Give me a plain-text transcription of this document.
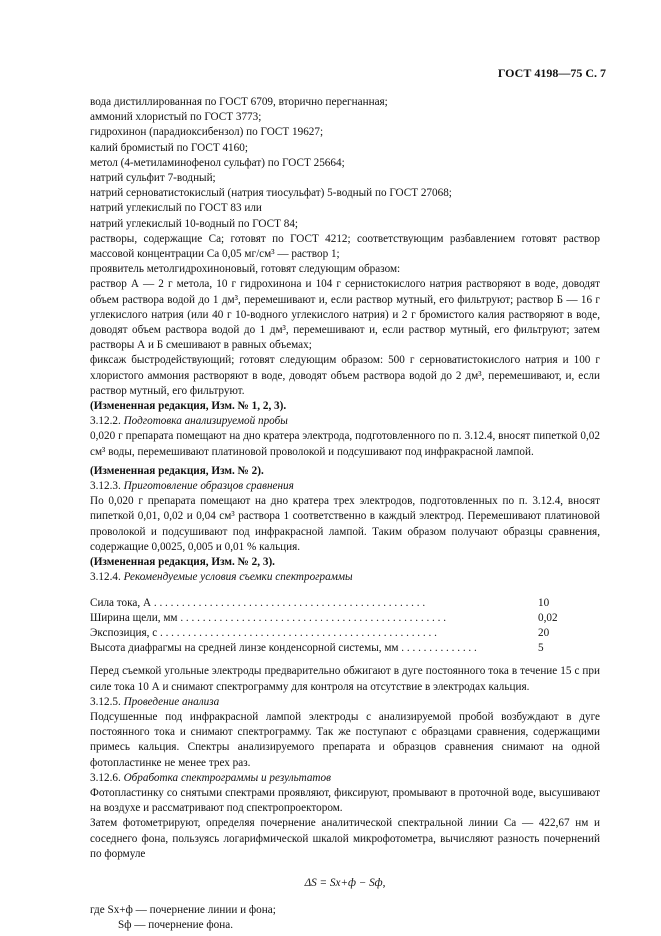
ГОСТ 4198—75 С. 7

вода дистиллированная по ГОСТ 6709, вторично перегнанная;

аммоний хлористый по ГОСТ 3773;

гидрохинон (парадиоксибензол) по ГОСТ 19627;

калий бромистый по ГОСТ 4160;

метол (4-метиламинофенол сульфат) по ГОСТ 25664;

натрий сульфит 7-водный;

натрий серноватистокислый (натрия тиосульфат) 5-водный по ГОСТ 27068;

натрий углекислый по ГОСТ 83 или

натрий углекислый 10-водный по ГОСТ 84;

растворы, содержащие Са; готовят по ГОСТ 4212; соответствующим разбавлением готовят раствор массовой концентрации Са 0,05 мг/см³ — раствор 1;

проявитель метолгидрохиноновый, готовят следующим образом:

раствор А — 2 г метола, 10 г гидрохинона и 104 г сернистокислого натрия растворяют в воде, доводят объем раствора водой до 1 дм³, перемешивают и, если раствор мутный, его фильтруют; раствор Б — 16 г углекислого натрия (или 40 г 10-водного углекислого натрия) и 2 г бромистого калия растворяют в воде, доводят объем раствора водой до 1 дм³, перемешивают и, если раствор мутный, его фильтруют; затем растворы А и Б смешивают в равных объемах;

фиксаж быстродействующий; готовят следующим образом: 500 г серноватистокислого натрия и 100 г хлористого аммония растворяют в воде, доводят объем раствора водой до 2 дм³, перемешивают, и, если раствор мутный, его фильтруют.

(Измененная редакция, Изм. № 1, 2, 3).

3.12.2. Подготовка анализируемой пробы

0,020 г препарата помещают на дно кратера электрода, подготовленного по п. 3.12.4, вносят пипеткой 0,02 см³ воды, перемешивают платиновой проволокой и подсушивают под инфракрасной лампой.

(Измененная редакция, Изм. № 2).

3.12.3. Приготовление образцов сравнения

По 0,020 г препарата помещают на дно кратера трех электродов, подготовленных по п. 3.12.4, вносят пипеткой 0,01, 0,02 и 0,04 см³ раствора 1 соответственно в каждый электрод. Перемешивают платиновой проволокой и подсушивают под инфракрасной лампой. Таким образом получают образцы сравнения, содержащие 0,0025, 0,005 и 0,01 % кальция.

(Измененная редакция, Изм. № 2, 3).

3.12.4. Рекомендуемые условия съемки спектрограммы

Сила тока, А . . . . . . . . . . . . . . . . . . . . . . . . . . . . . . . . . . . . . . . . . . . . . . . . .	10
Ширина щели, мм . . . . . . . . . . . . . . . . . . . . . . . . . . . . . . . . . . . . . . . . . . . . . . . .	0,02
Экспозиция, с . . . . . . . . . . . . . . . . . . . . . . . . . . . . . . . . . . . . . . . . . . . . . . . . . .	20
Высота диафрагмы на средней линзе конденсорной системы, мм . . . . . . . . . . . . . .	5

Перед съемкой угольные электроды предварительно обжигают в дуге постоянного тока в течение 15 с при силе тока 10 А и снимают спектрограмму для контроля на отсутствие в электродах кальция.

3.12.5. Проведение анализа

Подсушенные под инфракрасной лампой электроды с анализируемой пробой возбуждают в дуге постоянного тока и снимают спектрограмму. Так же поступают с образцами сравнения, содержащими примесь кальция. Спектры анализируемого препарата и образцов сравнения снимают на одной фотопластинке не менее трех раз.

3.12.6. Обработка спектрограммы и результатов

Фотопластинку со снятыми спектрами проявляют, фиксируют, промывают в проточной воде, высушивают на воздухе и рассматривают под спектропроектором.

Затем фотометрируют, определяя почернение аналитической спектральной линии Са — 422,67 нм и соседнего фона, пользуясь логарифмической шкалой микрофотометра, вычисляют разность почернений по формуле

ΔS = Sx+ф − Sф,

где Sx+ф — почернение линии и фона;

Sф — почернение фона.
